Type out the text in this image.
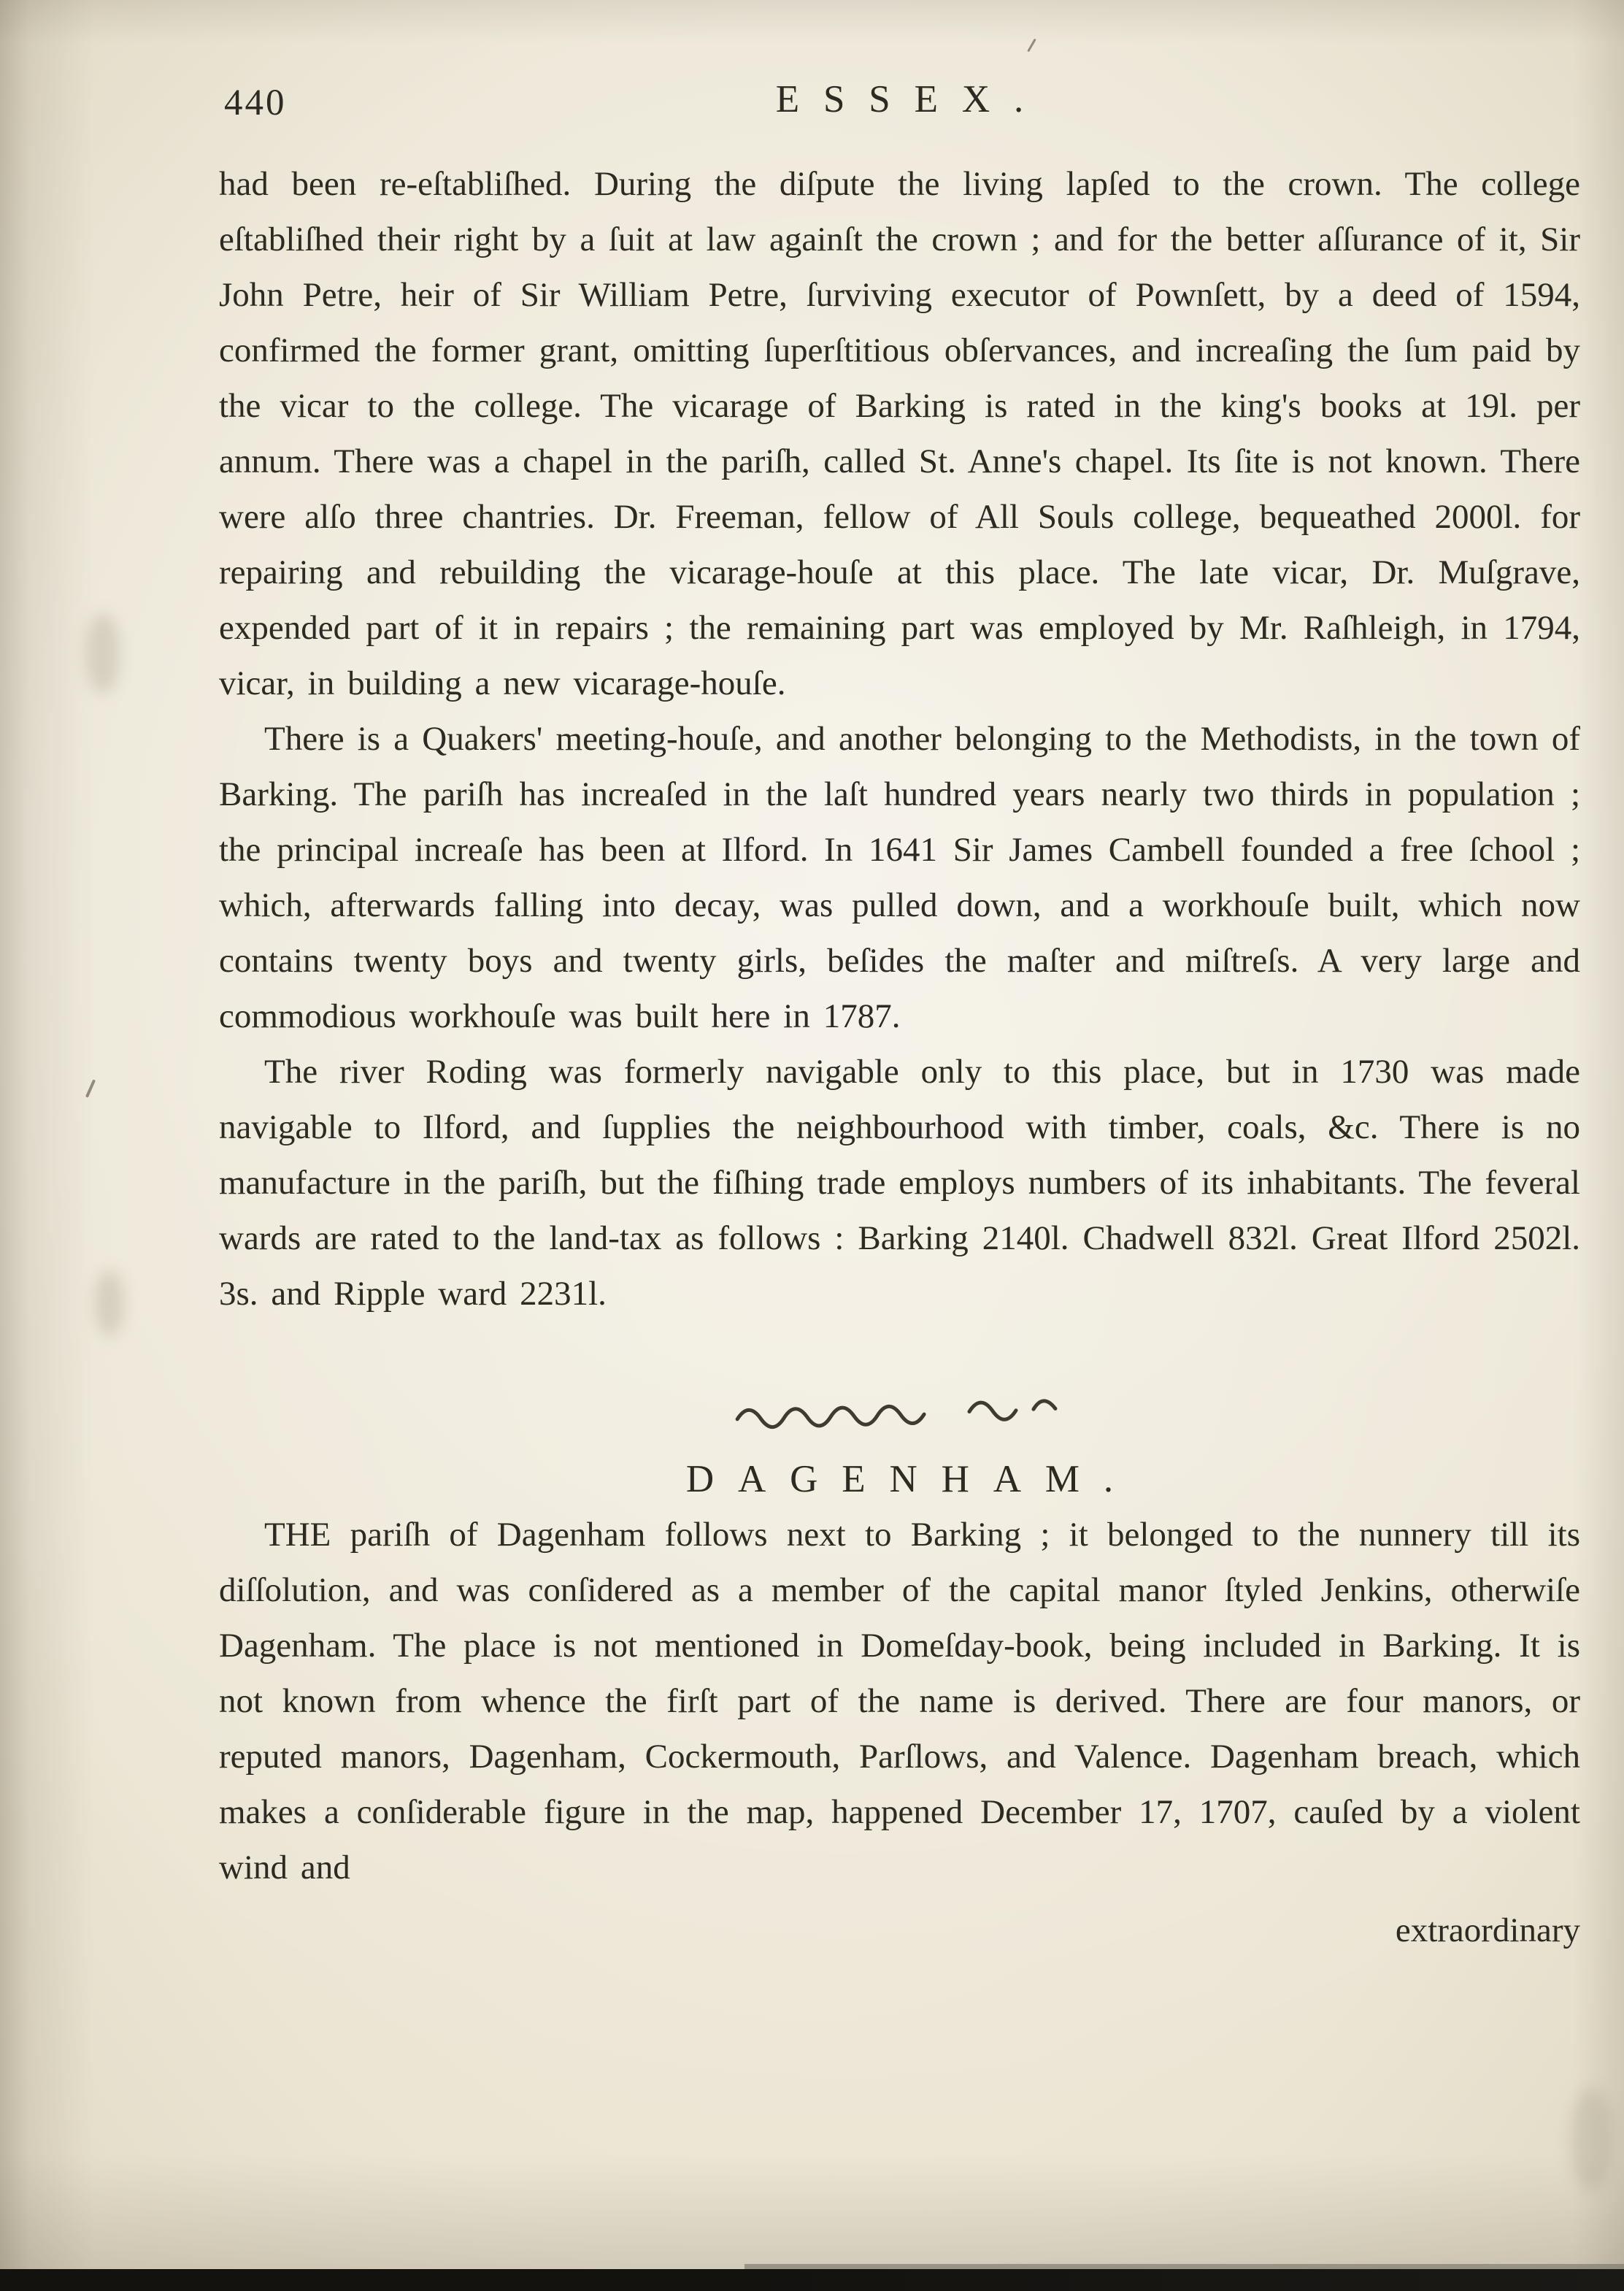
440	ESSEX.

had been re-eſtabliſhed. During the diſpute the living lapſed to the crown. The college eſtabliſhed their right by a ſuit at law againſt the crown ; and for the better aſſurance of it, Sir John Petre, heir of Sir William Petre, ſurviving executor of Pownſett, by a deed of 1594, confirmed the former grant, omitting ſuperſtitious obſervances, and increaſing the ſum paid by the vicar to the college. The vicarage of Barking is rated in the king's books at 19l. per annum. There was a chapel in the pariſh, called St. Anne's chapel. Its ſite is not known. There were alſo three chantries. Dr. Freeman, fellow of All Souls college, bequeathed 2000l. for repairing and rebuilding the vicarage-houſe at this place. The late vicar, Dr. Muſgrave, expended part of it in repairs ; the remaining part was employed by Mr. Raſhleigh, in 1794, vicar, in building a new vicarage-houſe.

There is a Quakers' meeting-houſe, and another belonging to the Methodists, in the town of Barking. The pariſh has increaſed in the laſt hundred years nearly two thirds in population ; the principal increaſe has been at Ilford. In 1641 Sir James Cambell founded a free ſchool ; which, afterwards falling into decay, was pulled down, and a workhouſe built, which now contains twenty boys and twenty girls, beſides the maſter and miſtreſs. A very large and commodious workhouſe was built here in 1787.

The river Roding was formerly navigable only to this place, but in 1730 was made navigable to Ilford, and ſupplies the neighbourhood with timber, coals, &c. There is no manufacture in the pariſh, but the fiſhing trade employs numbers of its inhabitants. The feveral wards are rated to the land-tax as follows : Barking 2140l. Chadwell 832l. Great Ilford 2502l. 3s. and Ripple ward 2231l.

DAGENHAM.

THE pariſh of Dagenham follows next to Barking ; it belonged to the nunnery till its diſſolution, and was conſidered as a member of the capital manor ſtyled Jenkins, otherwiſe Dagenham. The place is not mentioned in Domeſday-book, being included in Barking. It is not known from whence the firſt part of the name is derived. There are four manors, or reputed manors, Dagenham, Cockermouth, Parſlows, and Valence. Dagenham breach, which makes a conſiderable figure in the map, happened December 17, 1707, cauſed by a violent wind and

extraordinary
